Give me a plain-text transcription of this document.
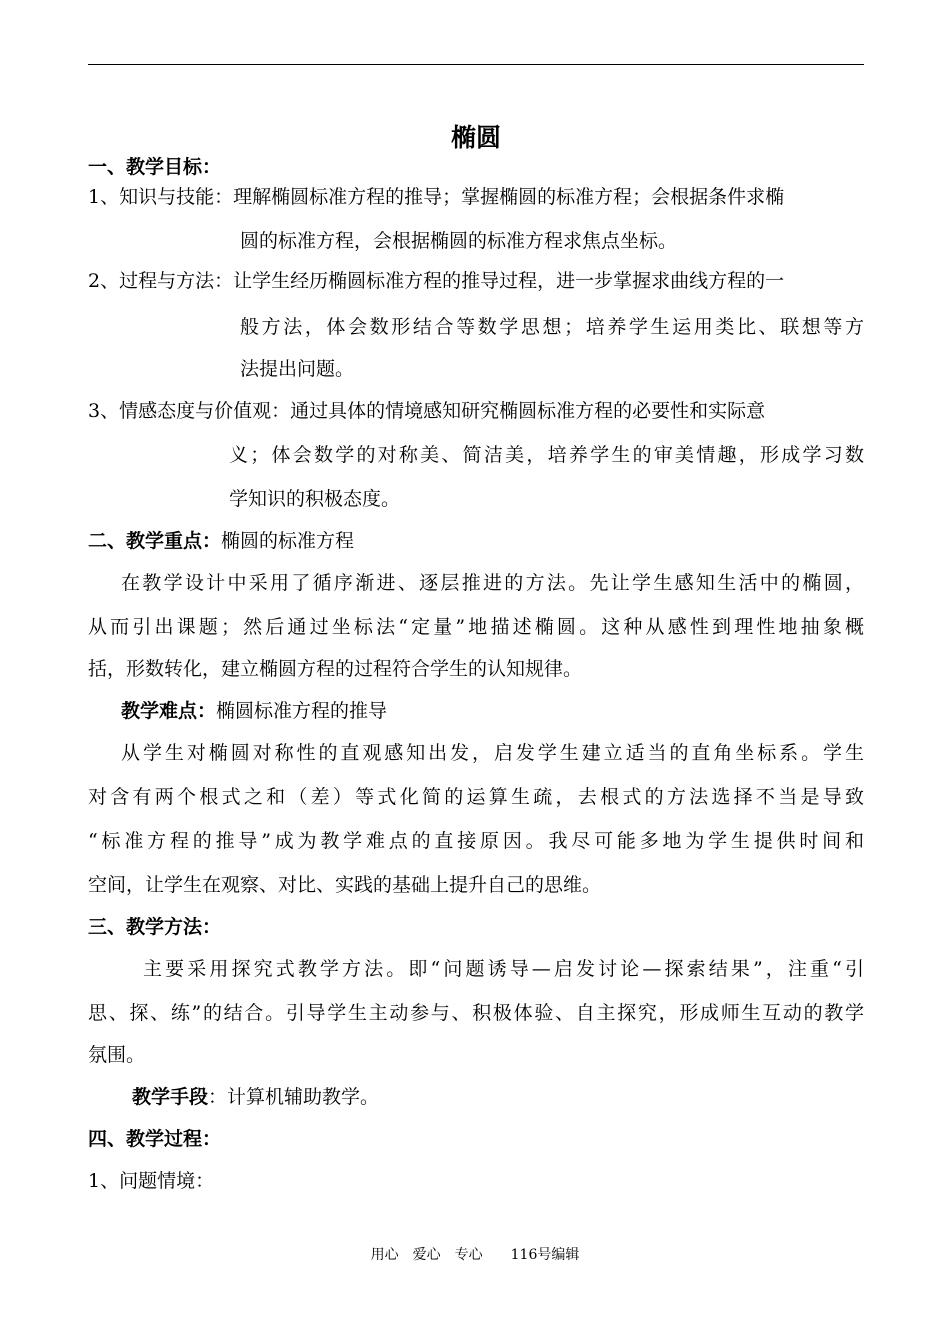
椭圆
一、教学目标：
1、知识与技能：理解椭圆标准方程的推导；掌握椭圆的标准方程；会根据条件求椭
圆的标准方程，会根据椭圆的标准方程求焦点坐标。
2、过程与方法：让学生经历椭圆标准方程的推导过程，进一步掌握求曲线方程的一
般方法，体会数形结合等数学思想；培养学生运用类比、联想等方
法提出问题。
3、情感态度与价值观：通过具体的情境感知研究椭圆标准方程的必要性和实际意
义；体会数学的对称美、简洁美，培养学生的审美情趣，形成学习数
学知识的积极态度。
二、教学重点：椭圆的标准方程
在教学设计中采用了循序渐进、逐层推进的方法。先让学生感知生活中的椭圆，
从而引出课题；然后通过坐标法“定量”地描述椭圆。这种从感性到理性地抽象概
括，形数转化，建立椭圆方程的过程符合学生的认知规律。
教学难点：椭圆标准方程的推导
从学生对椭圆对称性的直观感知出发，启发学生建立适当的直角坐标系。学生
对含有两个根式之和（差）等式化简的运算生疏，去根式的方法选择不当是导致
“标准方程的推导”成为教学难点的直接原因。我尽可能多地为学生提供时间和
空间，让学生在观察、对比、实践的基础上提升自己的思维。
三、教学方法：
主要采用探究式教学方法。即“问题诱导—启发讨论—探索结果”，注重“引
思、探、练”的结合。引导学生主动参与、积极体验、自主探究，形成师生互动的教学
氛围。
教学手段：计算机辅助教学。
四、教学过程：
1、问题情境：
用心　爱心　专心　　116号编辑
